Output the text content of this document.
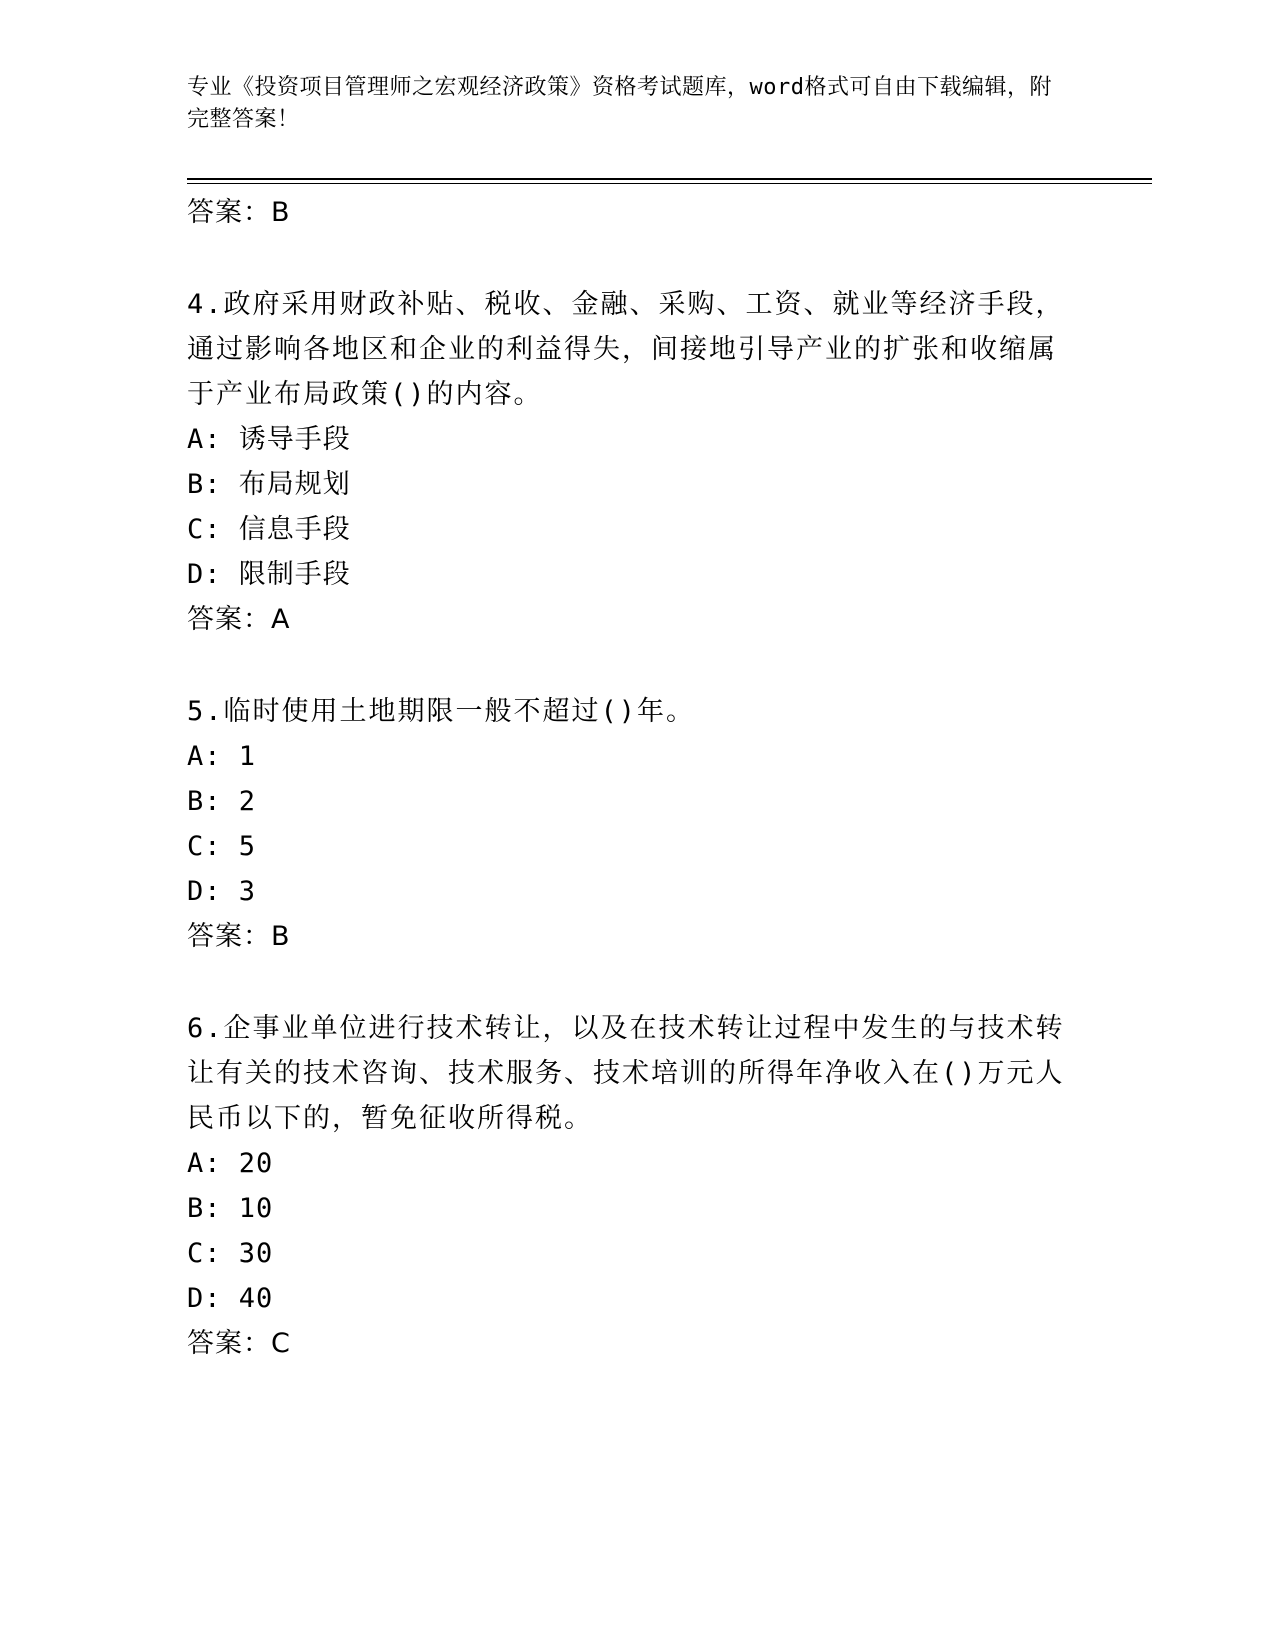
专业《投资项目管理师之宏观经济政策》资格考试题库，word格式可自由下载编辑，附完整答案！
答案：B
4.政府采用财政补贴、税收、金融、采购、工资、就业等经济手段，通过影响各地区和企业的利益得失，间接地引导产业的扩张和收缩属于产业布局政策()的内容。
A: 诱导手段
B: 布局规划
C: 信息手段
D: 限制手段
答案：A
5.临时使用土地期限一般不超过()年。
A: 1
B: 2
C: 5
D: 3
答案：B
6.企事业单位进行技术转让，以及在技术转让过程中发生的与技术转让有关的技术咨询、技术服务、技术培训的所得年净收入在()万元人民币以下的，暂免征收所得税。
A: 20
B: 10
C: 30
D: 40
答案：C
